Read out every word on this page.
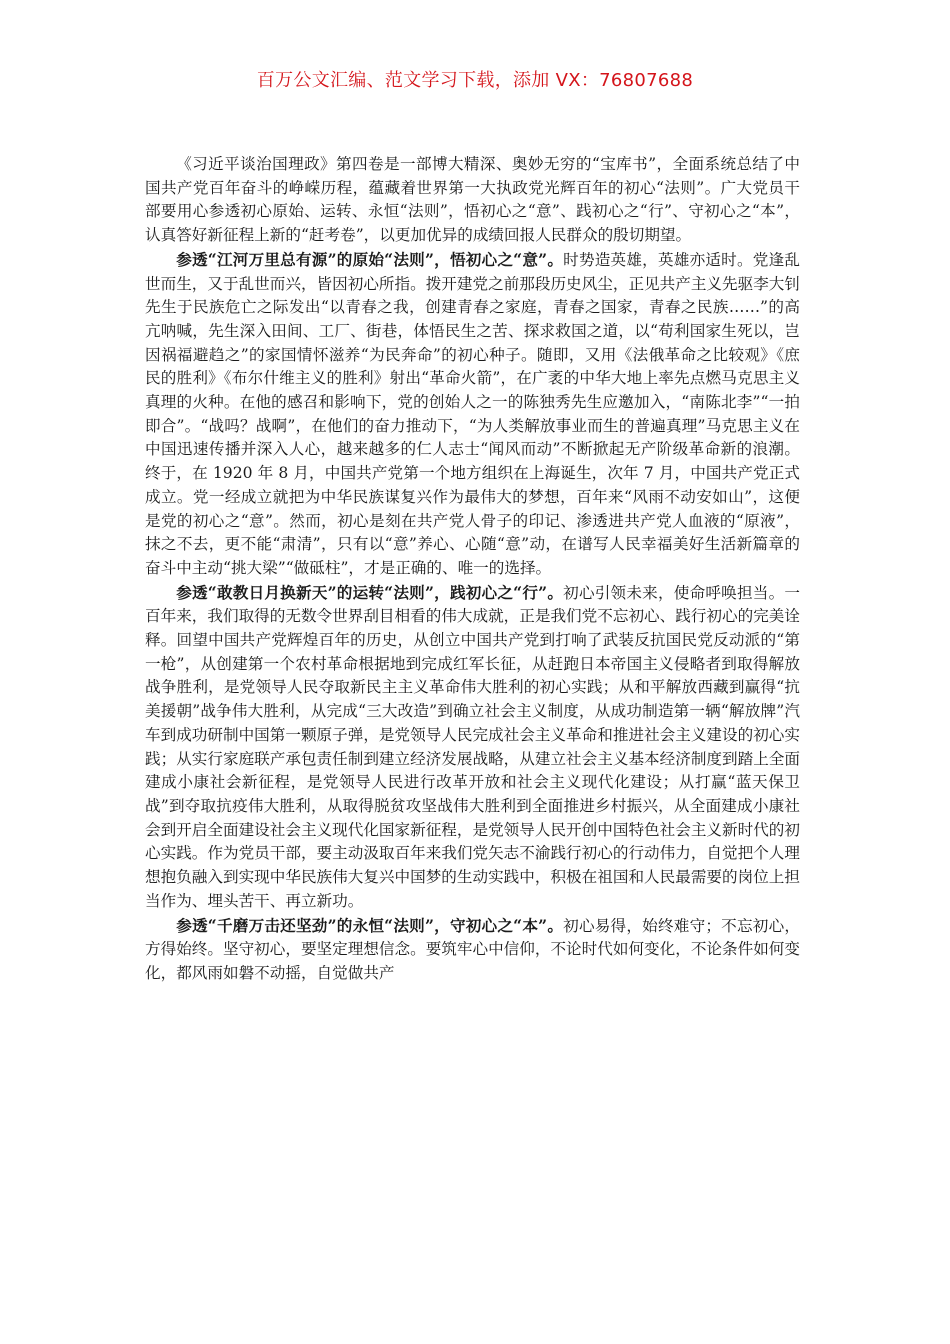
百万公文汇编、范文学习下载，添加 VX：76807688

《习近平谈治国理政》第四卷是一部博大精深、奥妙无穷的“宝库书”，全面系统总结了中国共产党百年奋斗的峥嵘历程，蕴藏着世界第一大执政党光辉百年的初心“法则”。广大党员干部要用心参透初心原始、运转、永恒“法则”，悟初心之“意”、践初心之“行”、守初心之“本”，认真答好新征程上新的“赶考卷”，以更加优异的成绩回报人民群众的殷切期望。

参透“江河万里总有源”的原始“法则”，悟初心之“意”。时势造英雄，英雄亦适时。党逢乱世而生，又于乱世而兴，皆因初心所指。拨开建党之前那段历史风尘，正见共产主义先驱李大钊先生于民族危亡之际发出“以青春之我，创建青春之家庭，青春之国家，青春之民族……”的高亢呐喊，先生深入田间、工厂、街巷，体悟民生之苦、探求救国之道，以“苟利国家生死以，岂因祸福避趋之”的家国情怀滋养“为民奔命”的初心种子。随即，又用《法俄革命之比较观》《庶民的胜利》《布尔什维主义的胜利》射出“革命火箭”，在广袤的中华大地上率先点燃马克思主义真理的火种。在他的感召和影响下，党的创始人之一的陈独秀先生应邀加入，“南陈北李”“一拍即合”。“战吗？战啊”，在他们的奋力推动下，“为人类解放事业而生的普遍真理”马克思主义在中国迅速传播并深入人心，越来越多的仁人志士“闻风而动”不断掀起无产阶级革命新的浪潮。终于，在 1920 年 8 月，中国共产党第一个地方组织在上海诞生，次年 7 月，中国共产党正式成立。党一经成立就把为中华民族谋复兴作为最伟大的梦想，百年来“风雨不动安如山”，这便是党的初心之“意”。然而，初心是刻在共产党人骨子的印记、渗透进共产党人血液的“原液”，抹之不去，更不能“肃清”，只有以“意”养心、心随“意”动，在谱写人民幸福美好生活新篇章的奋斗中主动“挑大梁”“做砥柱”，才是正确的、唯一的选择。

参透“敢教日月换新天”的运转“法则”，践初心之“行”。初心引领未来，使命呼唤担当。一百年来，我们取得的无数令世界刮目相看的伟大成就，正是我们党不忘初心、践行初心的完美诠释。回望中国共产党辉煌百年的历史，从创立中国共产党到打响了武装反抗国民党反动派的“第一枪”，从创建第一个农村革命根据地到完成红军长征，从赶跑日本帝国主义侵略者到取得解放战争胜利，是党领导人民夺取新民主主义革命伟大胜利的初心实践；从和平解放西藏到赢得“抗美援朝”战争伟大胜利，从完成“三大改造”到确立社会主义制度，从成功制造第一辆“解放牌”汽车到成功研制中国第一颗原子弹，是党领导人民完成社会主义革命和推进社会主义建设的初心实践；从实行家庭联产承包责任制到建立经济发展战略，从建立社会主义基本经济制度到踏上全面建成小康社会新征程，是党领导人民进行改革开放和社会主义现代化建设；从打赢“蓝天保卫战”到夺取抗疫伟大胜利，从取得脱贫攻坚战伟大胜利到全面推进乡村振兴，从全面建成小康社会到开启全面建设社会主义现代化国家新征程，是党领导人民开创中国特色社会主义新时代的初心实践。作为党员干部，要主动汲取百年来我们党矢志不渝践行初心的行动伟力，自觉把个人理想抱负融入到实现中华民族伟大复兴中国梦的生动实践中，积极在祖国和人民最需要的岗位上担当作为、埋头苦干、再立新功。

参透“千磨万击还坚劲”的永恒“法则”，守初心之“本”。初心易得，始终难守；不忘初心，方得始终。坚守初心，要坚定理想信念。要筑牢心中信仰，不论时代如何变化，不论条件如何变化，都风雨如磐不动摇，自觉做共产
